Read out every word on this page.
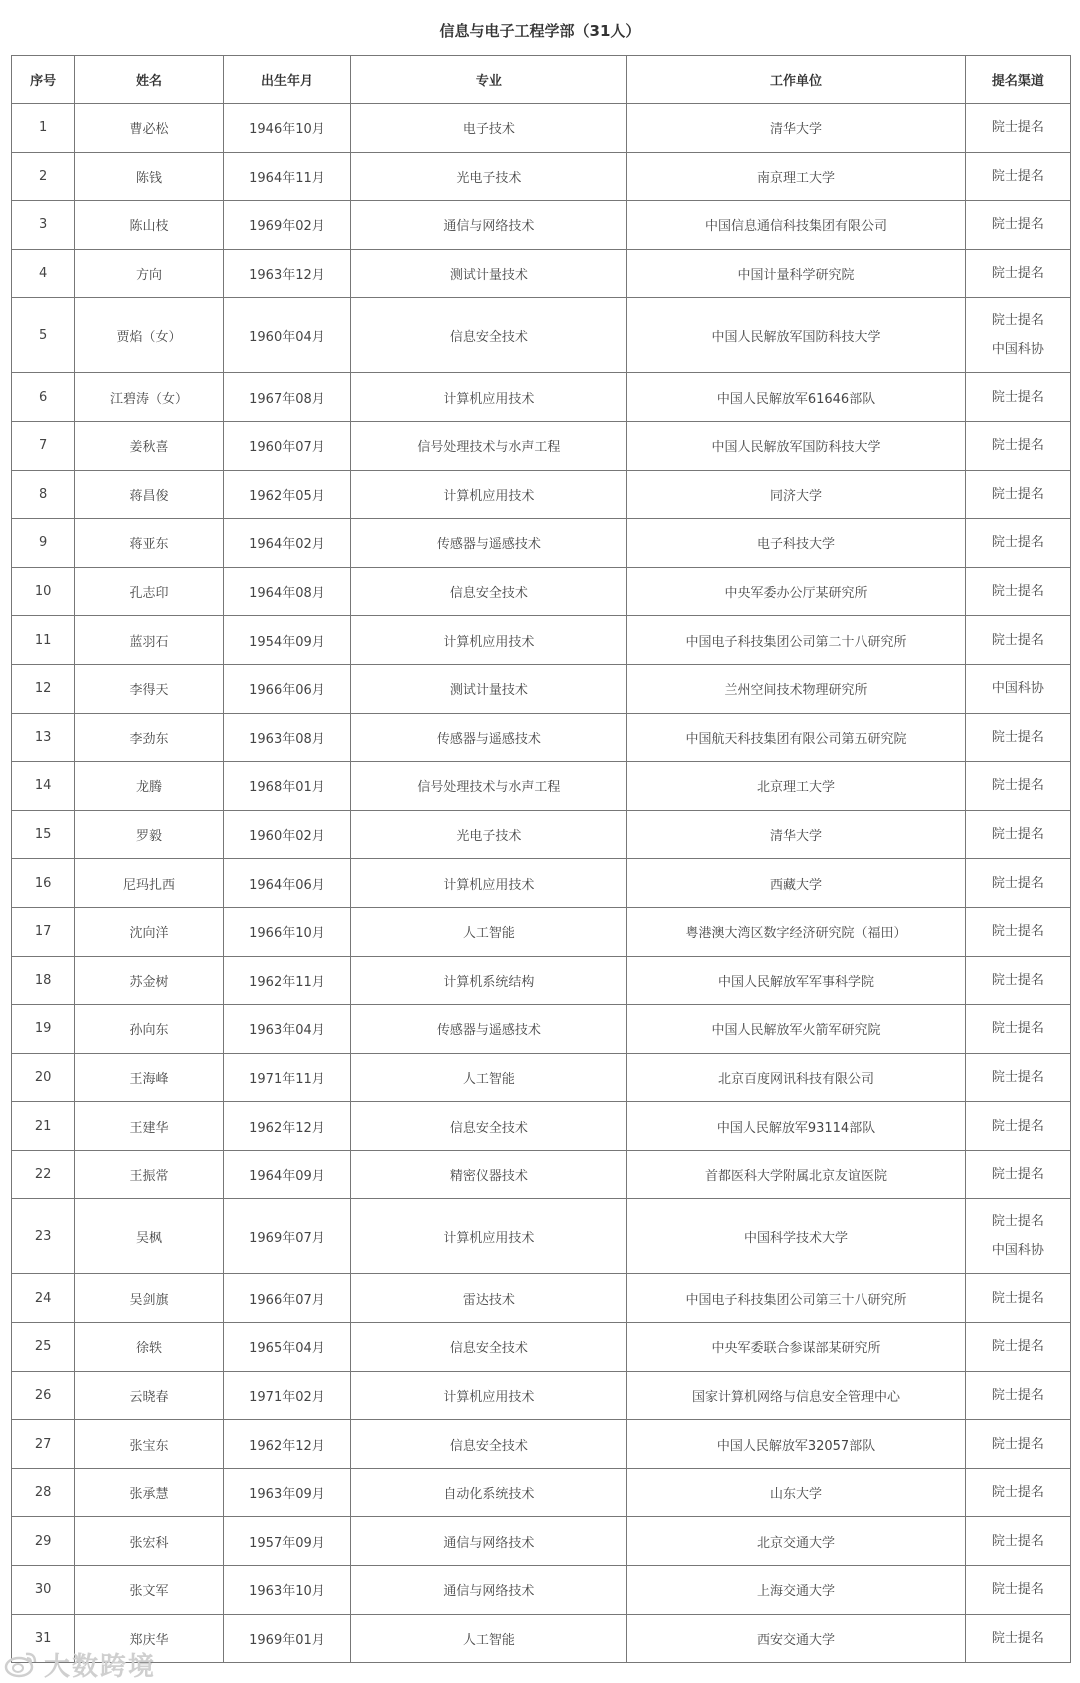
信息与电子工程学部（31人）
序号	姓名	出生年月	专业	工作单位	提名渠道
1	曹必松	1946年10月	电子技术	清华大学	院士提名

2	陈钱	1964年11月	光电子技术	南京理工大学	院士提名

3	陈山枝	1969年02月	通信与网络技术	中国信息通信科技集团有限公司	院士提名

4	方向	1963年12月	测试计量技术	中国计量科学研究院	院士提名

5	贾焰（女）	1960年04月	信息安全技术	中国人民解放军国防科技大学	院士提名
中国科协

6	江碧涛（女）	1967年08月	计算机应用技术	中国人民解放军61646部队	院士提名

7	姜秋喜	1960年07月	信号处理技术与水声工程	中国人民解放军国防科技大学	院士提名

8	蒋昌俊	1962年05月	计算机应用技术	同济大学	院士提名

9	蒋亚东	1964年02月	传感器与遥感技术	电子科技大学	院士提名

10	孔志印	1964年08月	信息安全技术	中央军委办公厅某研究所	院士提名

11	蓝羽石	1954年09月	计算机应用技术	中国电子科技集团公司第二十八研究所	院士提名

12	李得天	1966年06月	测试计量技术	兰州空间技术物理研究所	中国科协

13	李劲东	1963年08月	传感器与遥感技术	中国航天科技集团有限公司第五研究院	院士提名

14	龙腾	1968年01月	信号处理技术与水声工程	北京理工大学	院士提名

15	罗毅	1960年02月	光电子技术	清华大学	院士提名

16	尼玛扎西	1964年06月	计算机应用技术	西藏大学	院士提名

17	沈向洋	1966年10月	人工智能	粤港澳大湾区数字经济研究院（福田）	院士提名

18	苏金树	1962年11月	计算机系统结构	中国人民解放军军事科学院	院士提名

19	孙向东	1963年04月	传感器与遥感技术	中国人民解放军火箭军研究院	院士提名

20	王海峰	1971年11月	人工智能	北京百度网讯科技有限公司	院士提名

21	王建华	1962年12月	信息安全技术	中国人民解放军93114部队	院士提名

22	王振常	1964年09月	精密仪器技术	首都医科大学附属北京友谊医院	院士提名

23	吴枫	1969年07月	计算机应用技术	中国科学技术大学	院士提名
中国科协

24	吴剑旗	1966年07月	雷达技术	中国电子科技集团公司第三十八研究所	院士提名

25	徐轶	1965年04月	信息安全技术	中央军委联合参谋部某研究所	院士提名

26	云晓春	1971年02月	计算机应用技术	国家计算机网络与信息安全管理中心	院士提名

27	张宝东	1962年12月	信息安全技术	中国人民解放军32057部队	院士提名

28	张承慧	1963年09月	自动化系统技术	山东大学	院士提名

29	张宏科	1957年09月	通信与网络技术	北京交通大学	院士提名

30	张文军	1963年10月	通信与网络技术	上海交通大学	院士提名

31	郑庆华	1969年01月	人工智能	西安交通大学	院士提名
大数跨境
